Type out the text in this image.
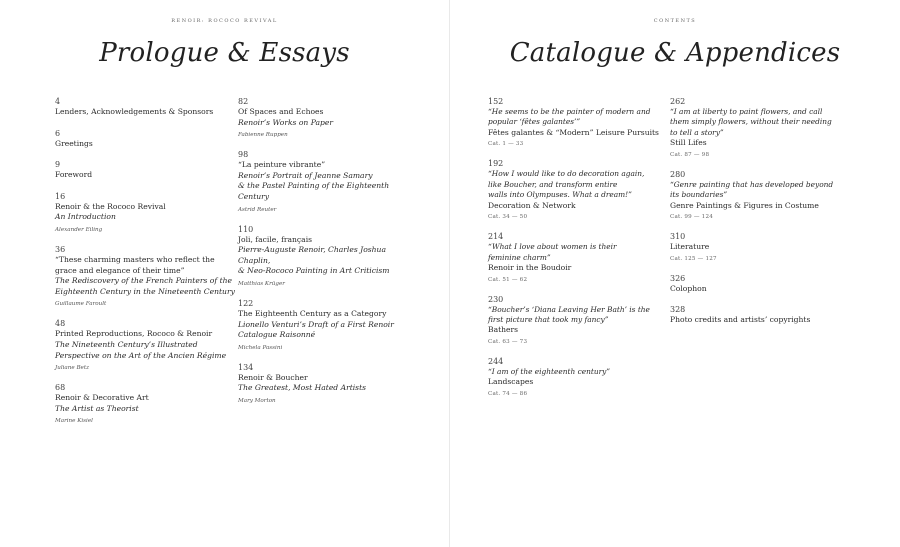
RENOIR: ROCOCO REVIVAL
Prologue & Essays
4
Lenders, Acknowledgements & Sponsors
6
Greetings
9
Foreword
16
Renoir & the Rococo Revival
An Introduction
Alexander Eiling
36
“These charming masters who reflect the
grace and elegance of their time”
The Rediscovery of the French Painters of the
Eighteenth Century in the Nineteenth Century
Guillaume Faroult
48
Printed Reproductions, Rococo & Renoir
The Nineteenth Century’s Illustrated
Perspective on the Art of the Ancien Régime
Juliane Betz
68
Renoir & Decorative Art
The Artist as Theorist
Marine Kisiel
82
Of Spaces and Echoes
Renoir’s Works on Paper
Fabienne Ruppen
98
“La peinture vibrante”
Renoir’s Portrait of Jeanne Samary
& the Pastel Painting of the Eighteenth Century
Astrid Reuter
110
Joli, facile, français
Pierre-Auguste Renoir, Charles Joshua Chaplin,
& Neo-Rococo Painting in Art Criticism
Matthias Krüger
122
The Eighteenth Century as a Category
Lionello Venturi’s Draft of a First Renoir
Catalogue Raisonné
Michela Passini
134
Renoir & Boucher
The Greatest, Most Hated Artists
Mary Morton
CONTENTS
Catalogue & Appendices
152
“He seems to be the painter of modern and
popular ‘fêtes galantes’”
Fêtes galantes & “Modern” Leisure Pursuits
Cat. 1 — 33
192
“How I would like to do decoration again,
like Boucher, and transform entire
walls into Olympuses. What a dream!”
Decoration & Network
Cat. 34 — 50
214
“What I love about women is their
feminine charm”
Renoir in the Boudoir
Cat. 51 — 62
230
“Boucher’s ‘Diana Leaving Her Bath’ is the
first picture that took my fancy”
Bathers
Cat. 63 — 73
244
“I am of the eighteenth century”
Landscapes
Cat. 74 — 86
262
“I am at liberty to paint flowers, and call
them simply flowers, without their needing
to tell a story”
Still Lifes
Cat. 87 — 98
280
“Genre painting that has developed beyond
its boundaries”
Genre Paintings & Figures in Costume
Cat. 99 — 124
310
Literature
Cat. 125 — 127
326
Colophon
328
Photo credits and artists’ copyrights
